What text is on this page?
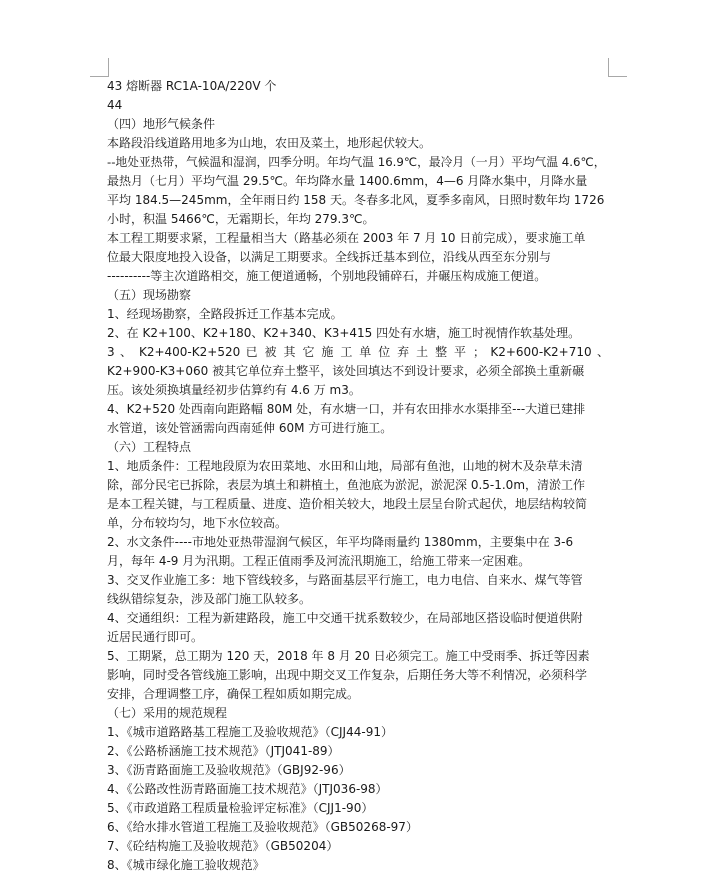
43 熔断器 RC1A-10A/220V 个
44
（四）地形气候条件
本路段沿线道路用地多为山地，农田及菜土，地形起伏较大。
--地处亚热带，气候温和湿润，四季分明。年均气温 16.9℃，最冷月（一月）平均气温 4.6℃，
最热月（七月）平均气温 29.5℃。年均降水量 1400.6mm，4—6 月降水集中，月降水量
平均 184.5—245mm，全年雨日约 158 天。冬春多北风，夏季多南风，日照时数年均 1726
小时，积温 5466℃，无霜期长，年均 279.3℃。
本工程工期要求紧，工程量相当大（路基必须在 2003 年 7 月 10 日前完成），要求施工单
位最大限度地投入设备，以满足工期要求。全线拆迁基本到位，沿线从西至东分别与
----------等主次道路相交，施工便道通畅，个别地段铺碎石，并碾压构成施工便道。
（五）现场勘察
1、经现场勘察，全路段拆迁工作基本完成。
2、在 K2+100、K2+180、K2+340、K3+415 四处有水塘，施工时视情作软基处理。
3 、 K2+400-K2+520 已 被 其 它 施 工 单 位 弃 土 整 平 ； K2+600-K2+710 、
K2+900-K3+060 被其它单位弃土整平，该处回填达不到设计要求，必须全部换土重新碾
压。该处须换填量经初步估算约有 4.6 万 m3。
4、K2+520 处西南向距路幅 80M 处，有水塘一口，并有农田排水水渠排至---大道已建排
水管道，该处管涵需向西南延伸 60M 方可进行施工。
（六）工程特点
1、地质条件：工程地段原为农田菜地、水田和山地，局部有鱼池，山地的树木及杂草未清
除，部分民宅已拆除，表层为填土和耕植土，鱼池底为淤泥，淤泥深 0.5-1.0m，清淤工作
是本工程关键，与工程质量、进度、造价相关较大，地段土层呈台阶式起伏，地层结构较简
单，分布较均匀，地下水位较高。
2、水文条件----市地处亚热带湿润气候区，年平均降雨量约 1380mm，主要集中在 3-6
月，每年 4-9 月为汛期。工程正值雨季及河流汛期施工，给施工带来一定困难。
3、交叉作业施工多：地下管线较多，与路面基层平行施工，电力电信、自来水、煤气等管
线纵错综复杂，涉及部门施工队较多。
4、交通组织：工程为新建路段，施工中交通干扰系数较少，在局部地区搭设临时便道供附
近居民通行即可。
5、工期紧，总工期为 120 天，2018 年 8 月 20 日必须完工。施工中受雨季、拆迁等因素
影响，同时受各管线施工影响，出现中期交叉工作复杂，后期任务大等不利情况，必须科学
安排，合理调整工序，确保工程如质如期完成。
（七）采用的规范规程
1、《城市道路路基工程施工及验收规范》（CJJ44-91）
2、《公路桥涵施工技术规范》（JTJ041-89）
3、《沥青路面施工及验收规范》（GBJ92-96）
4、《公路改性沥青路面施工技术规范》（JTJ036-98）
5、《市政道路工程质量检验评定标准》（CJJ1-90）
6、《给水排水管道工程施工及验收规范》（GB50268-97）
7、《砼结构施工及验收规范》（GB50204）
8、《城市绿化施工验收规范》
